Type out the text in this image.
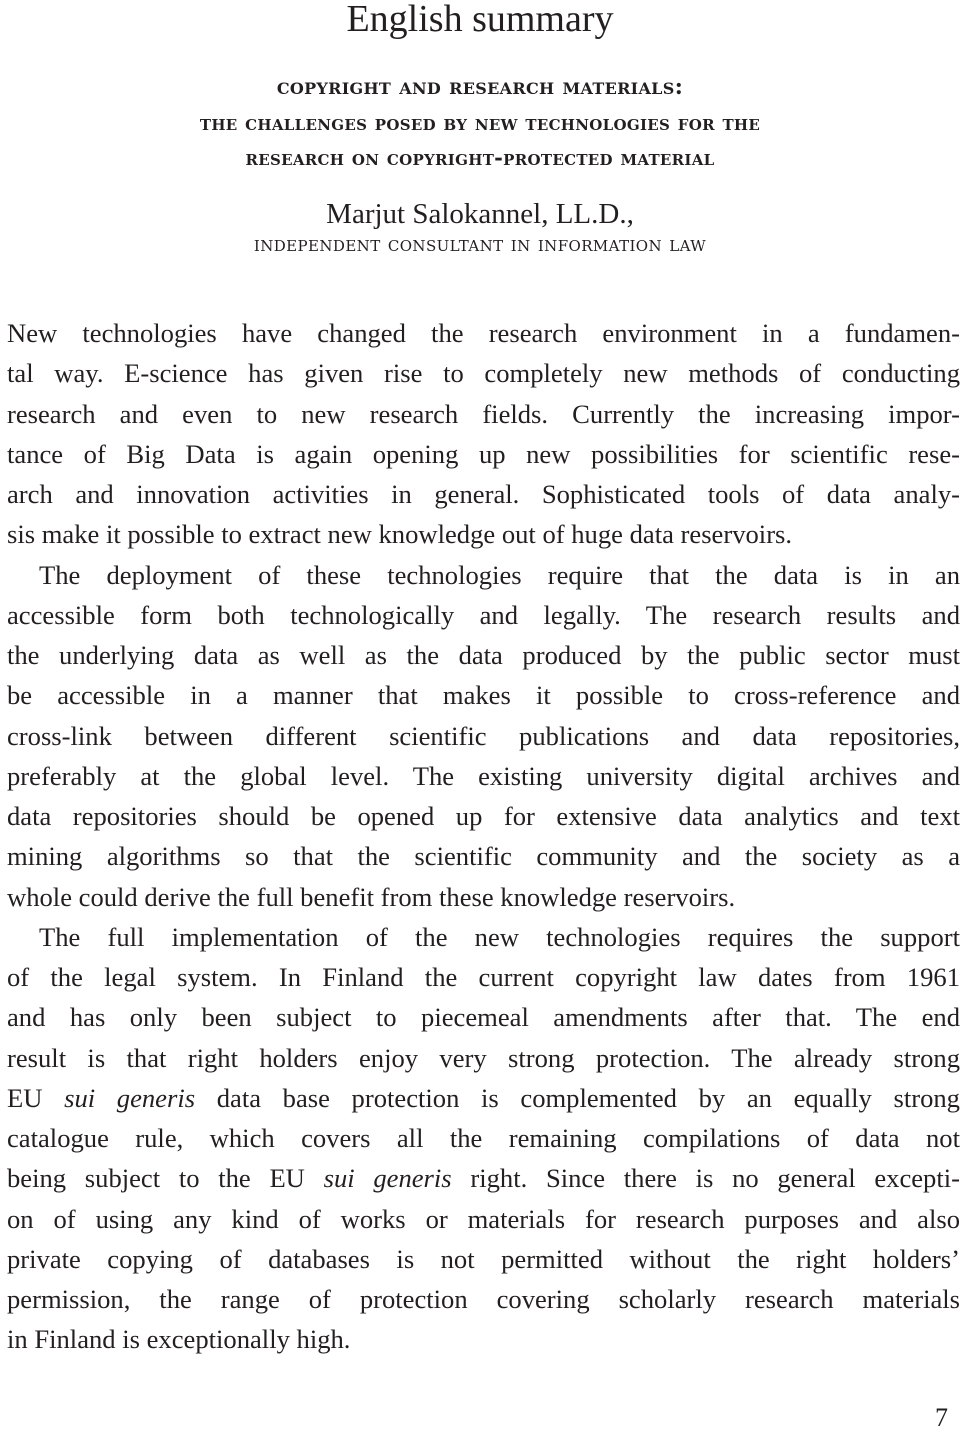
English summary
copyright and research materials:
the challenges posed by new technologies for the
research on copyright-protected material
Marjut Salokannel, LL.D.,
independent consultant in information law

New technologies have changed the research environment in a fundamen-
tal way. E-science has given rise to completely new methods of conducting
research and even to new research fields. Currently the increasing impor-
tance of Big Data is again opening up new possibilities for scientific rese-
arch and innovation activities in general. Sophisticated tools of data analy-
sis make it possible to extract new knowledge out of huge data reservoirs.

The deployment of these technologies require that the data is in an
accessible form both technologically and legally. The research results and
the underlying data as well as the data produced by the public sector must
be accessible in a manner that makes it possible to cross-reference and
cross-link between different scientific publications and data repositories,
preferably at the global level. The existing university digital archives and
data repositories should be opened up for extensive data analytics and text
mining algorithms so that the scientific community and the society as a
whole could derive the full benefit from these knowledge reservoirs.

The full implementation of the new technologies requires the support
of the legal system. In Finland the current copyright law dates from 1961
and has only been subject to piecemeal amendments after that. The end
result is that right holders enjoy very strong protection. The already strong
EU sui generis data base protection is complemented by an equally strong
catalogue rule, which covers all the remaining compilations of data not
being subject to the EU sui generis right. Since there is no general excepti-
on of using any kind of works or materials for research purposes and also
private copying of databases is not permitted without the right holders’
permission, the range of protection covering scholarly research materials
in Finland is exceptionally high.

7
